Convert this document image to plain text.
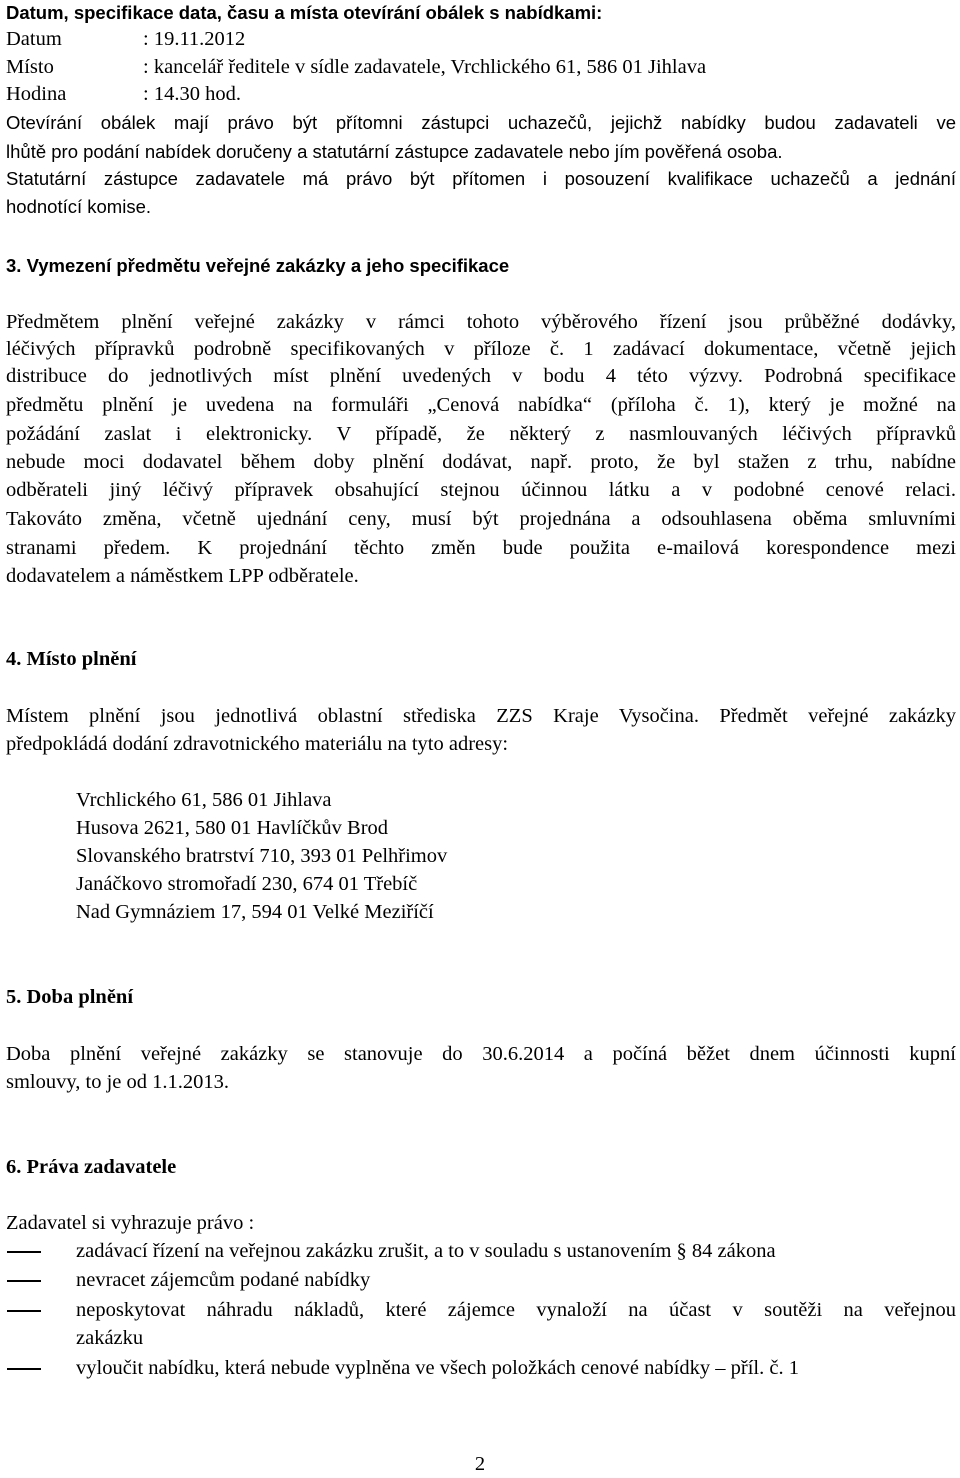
Datum, specifikace data, času a místa otevírání obálek s nabídkami:
Datum	: 19.11.2012
Místo	: kancelář ředitele v sídle zadavatele, Vrchlického 61, 586 01 Jihlava
Hodina	: 14.30 hod.
Otevírání obálek mají právo být přítomni zástupci uchazečů, jejichž nabídky budou zadavateli ve
lhůtě pro podání nabídek doručeny a statutární zástupce zadavatele nebo jím pověřená osoba.
Statutární zástupce zadavatele má právo být přítomen i posouzení kvalifikace uchazečů a jednání
hodnotící komise.
3. Vymezení předmětu veřejné zakázky a jeho specifikace
Předmětem plnění veřejné zakázky v rámci tohoto výběrového řízení jsou průběžné dodávky,
léčivých přípravků podrobně specifikovaných v příloze č. 1 zadávací dokumentace, včetně jejich
distribuce do jednotlivých míst plnění uvedených v bodu 4 této výzvy. Podrobná specifikace
předmětu plnění je uvedena na formuláři „Cenová nabídka“ (příloha č. 1), který je možné na
požádání zaslat i elektronicky. V případě, že některý z nasmlouvaných léčivých přípravků
nebude moci dodavatel během doby plnění dodávat, např. proto, že byl stažen z trhu, nabídne
odběrateli jiný léčivý přípravek obsahující stejnou účinnou látku a v podobné cenové relaci.
Takováto změna, včetně ujednání ceny, musí být projednána a odsouhlasena oběma smluvními
stranami předem. K projednání těchto změn bude použita e-mailová korespondence mezi
dodavatelem a náměstkem LPP odběratele.
4. Místo plnění
Místem plnění jsou jednotlivá oblastní střediska ZZS Kraje Vysočina. Předmět veřejné zakázky
předpokládá dodání zdravotnického materiálu na tyto adresy:
Vrchlického 61, 586 01 Jihlava
Husova 2621, 580 01 Havlíčkův Brod
Slovanského bratrství 710, 393 01 Pelhřimov
Janáčkovo stromořadí 230, 674 01 Třebíč
Nad Gymnáziem 17, 594 01 Velké Meziříčí
5. Doba plnění
Doba plnění veřejné zakázky se stanovuje do 30.6.2014 a počíná běžet dnem účinnosti kupní
smlouvy, to je od 1.1.2013.
6. Práva zadavatele
Zadavatel si vyhrazuje právo :
zadávací řízení na veřejnou zakázku zrušit, a to v souladu s ustanovením § 84 zákona
nevracet zájemcům podané nabídky
neposkytovat náhradu nákladů, které zájemce vynaloží na účast v soutěži na veřejnou
zakázku
vyloučit nabídku, která nebude vyplněna ve všech položkách cenové nabídky – příl. č. 1
2
